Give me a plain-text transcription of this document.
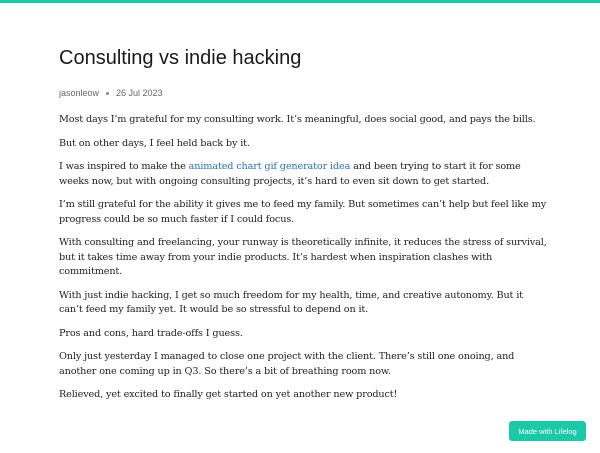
Consulting vs indie hacking
jasonleow 26 Jul 2023

Most days I’m grateful for my consulting work. It’s meaningful, does social good, and pays the bills.

But on other days, I feel held back by it.

I was inspired to make the animated chart gif generator idea and been trying to start it for some weeks now, but with ongoing consulting projects, it’s hard to even sit down to get started.

I’m still grateful for the ability it gives me to feed my family. But sometimes can’t help but feel like my progress could be so much faster if I could focus.

With consulting and freelancing, your runway is theoretically infinite, it reduces the stress of survival, but it takes time away from your indie products. It’s hardest when inspiration clashes with commitment.

With just indie hacking, I get so much freedom for my health, time, and creative autonomy. But it can’t feed my family yet. It would be so stressful to depend on it.

Pros and cons, hard trade-offs I guess.

Only just yesterday I managed to close one project with the client. There’s still one onoing, and another one coming up in Q3. So there’s a bit of breathing room now.

Relieved, yet excited to finally get started on yet another new product!

Made with Lifelog
